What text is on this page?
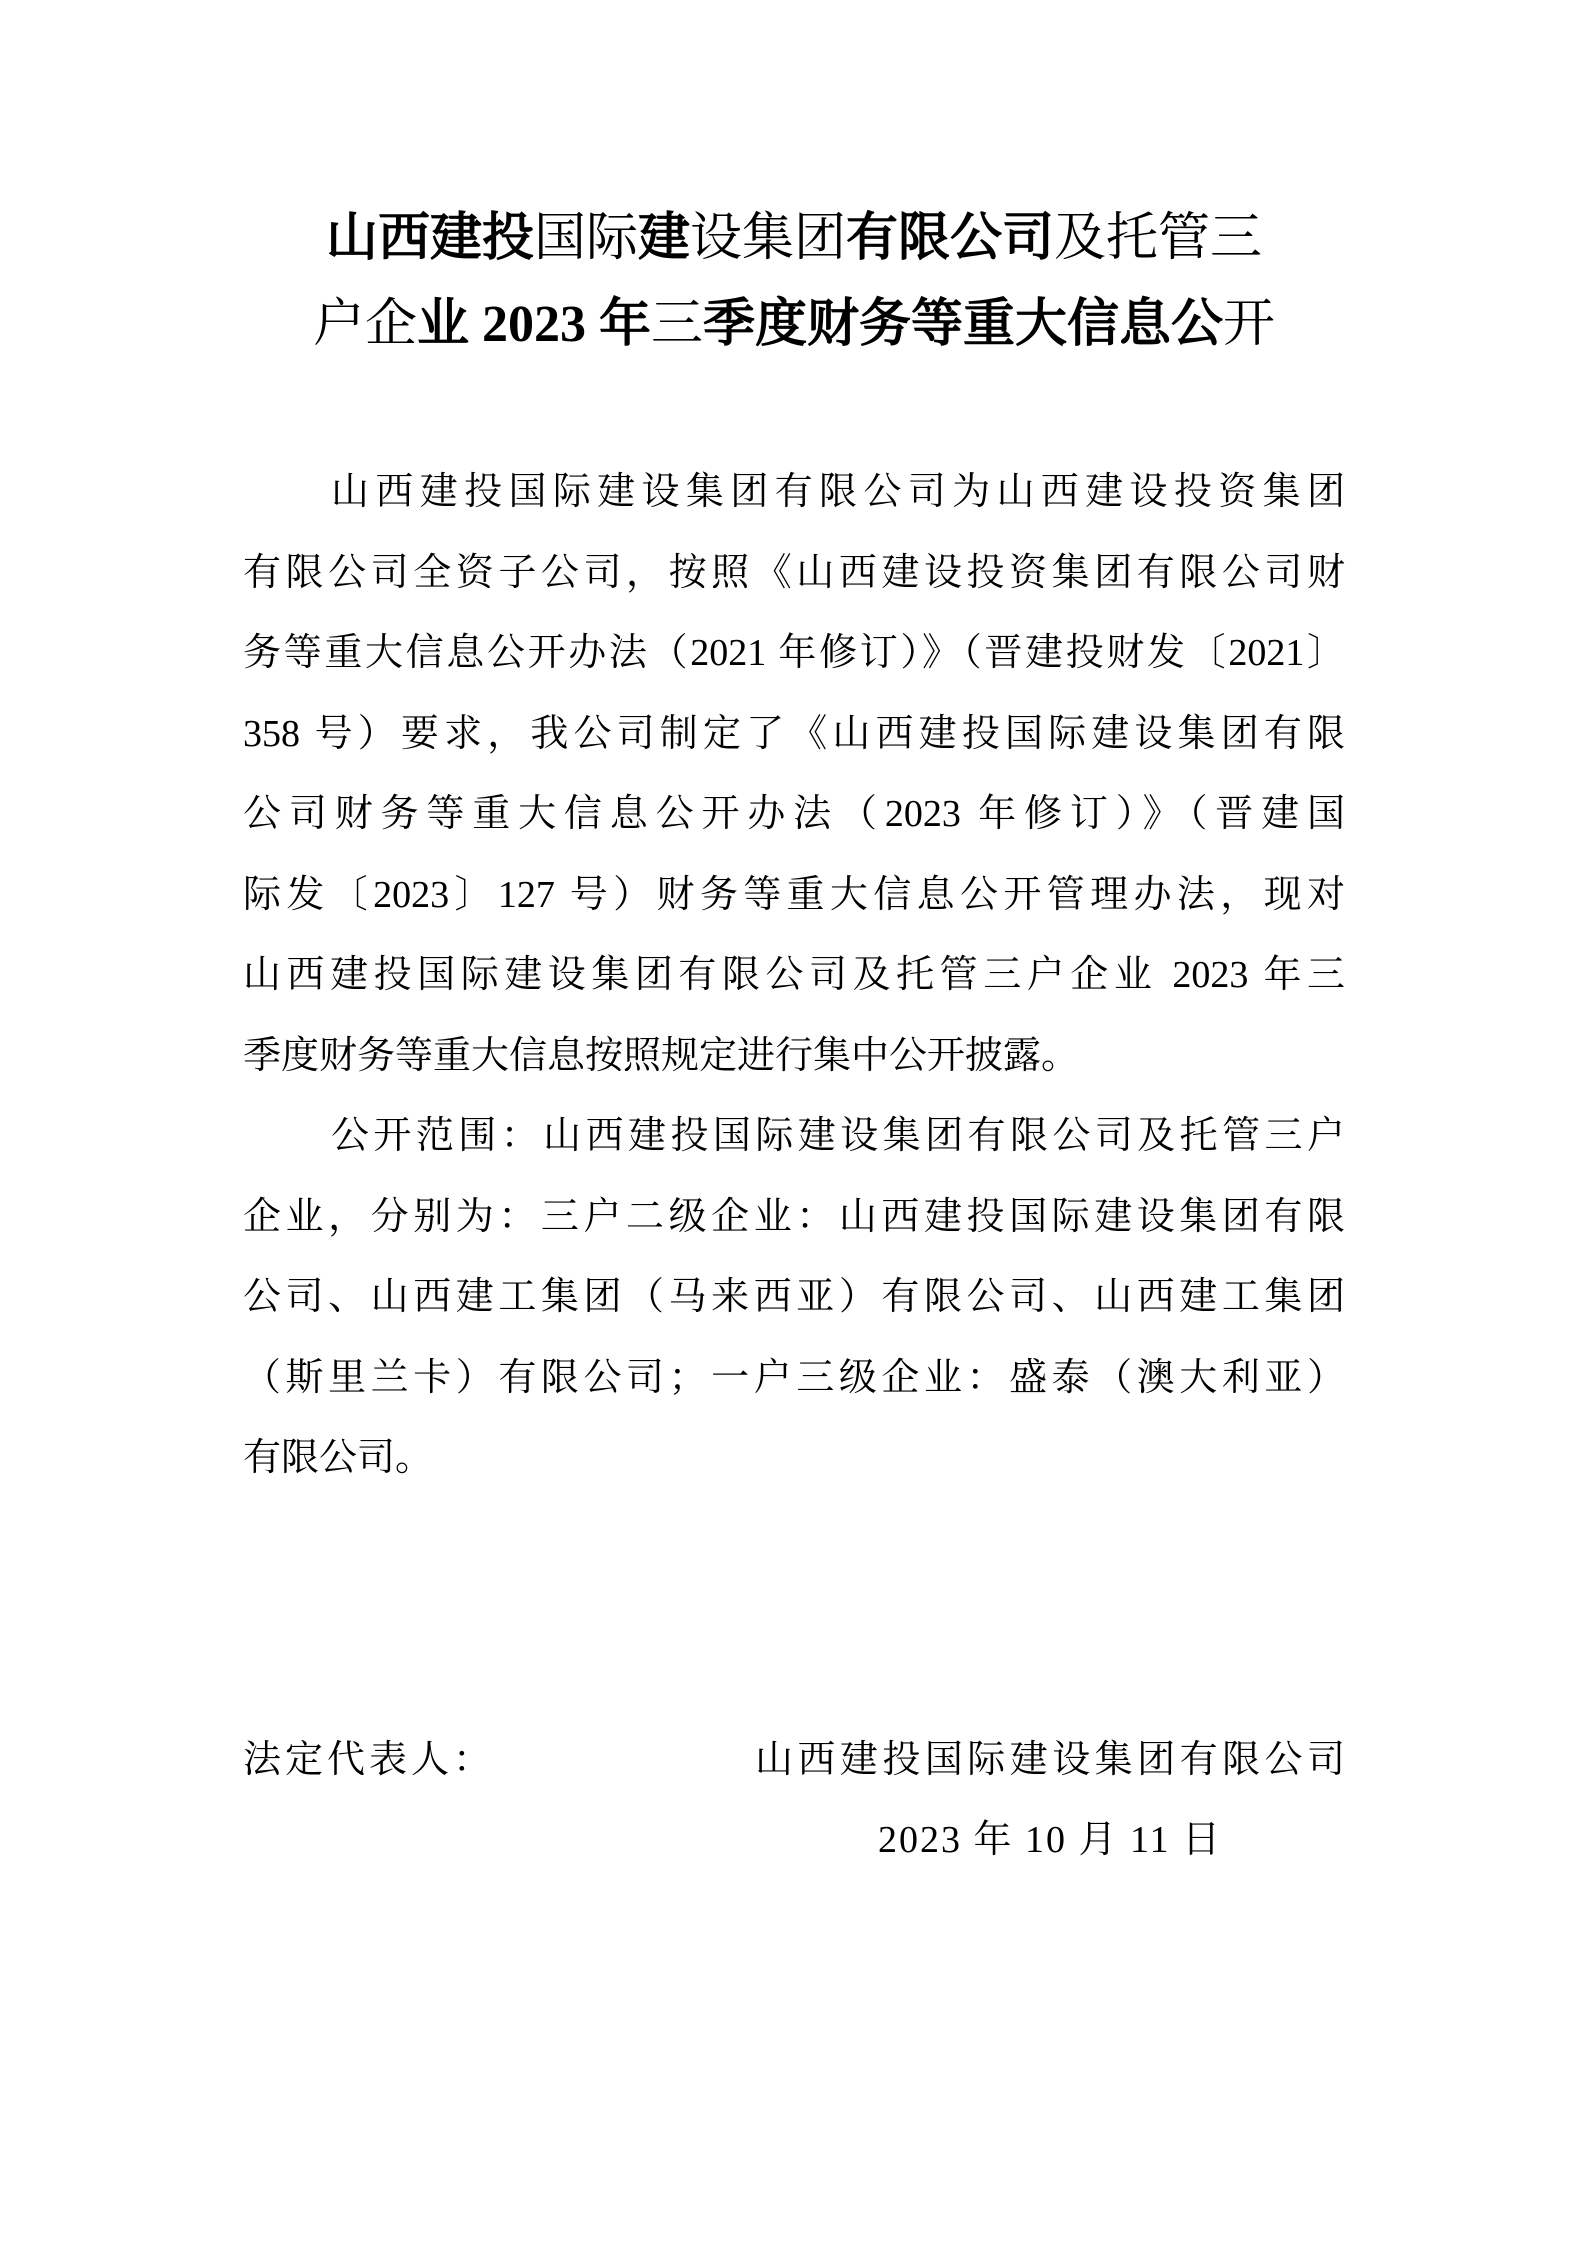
山西建投国际建设集团有限公司及托管三
户企业 2023 年三季度财务等重大信息公开
山西建投国际建设集团有限公司为山西建设投资集团
有限公司全资子公司，按照《山西建设投资集团有限公司财
务等重大信息公开办法（2021 年修订）》（晋建投财发〔2021〕
358 号）要求，我公司制定了《山西建投国际建设集团有限
公司财务等重大信息公开办法（2023 年修订）》（晋建国
际发〔2023〕127 号）财务等重大信息公开管理办法，现对
山西建投国际建设集团有限公司及托管三户企业 2023 年三
季度财务等重大信息按照规定进行集中公开披露。
公开范围：山西建投国际建设集团有限公司及托管三户
企业，分别为：三户二级企业：山西建投国际建设集团有限
公司、山西建工集团（马来西亚）有限公司、山西建工集团
（斯里兰卡）有限公司；一户三级企业：盛泰（澳大利亚）
有限公司。
法定代表人：	山西建投国际建设集团有限公司
2023 年 10 月 11 日
